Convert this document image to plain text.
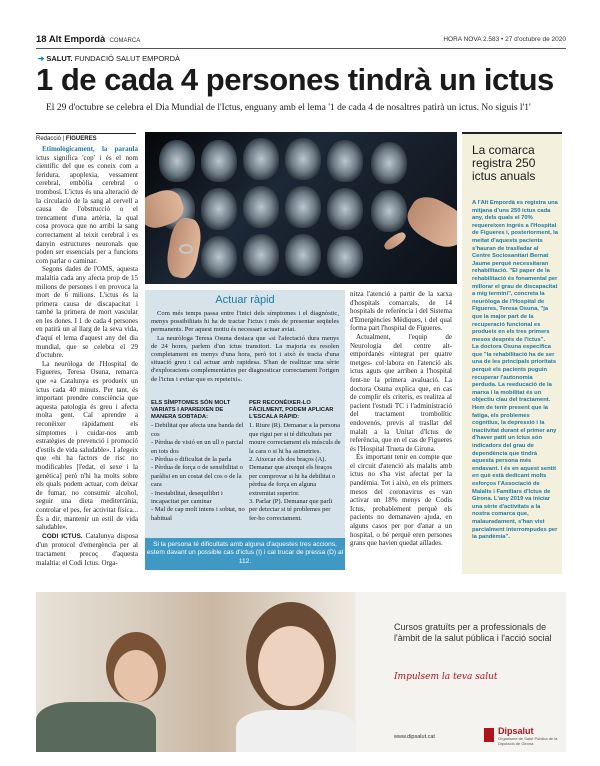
18 Alt Empordà COMARCA	HORA NOVA 2.583 • 27 d'octubre de 2020
➔ SALUT. FUNDACIÓ SALUT EMPORDÀ
1 de cada 4 persones tindrà un ictus
El 29 d'octubre se celebra el Dia Mundial de l'Ictus, enguany amb el lema '1 de cada 4 de nosaltres patirà un ictus. No siguis l'1'
Redacció | FIGUERES

Etimològicament, la paraula ictus significa 'cop' i és el nom científic del que es coneix com a feridura, apoplexia, vessament cerebral, embòlia cerebral o trombosi. L'ictus és una alteració de la circulació de la sang al cervell a causa de l'obstrucció o el trencament d'una artèria, la qual cosa provoca que no arribi la sang correctament al teixit cerebral i es danyin estructures neuronals que poden ser essencials per a funcions com parlar o caminar.

Segons dades de l'OMS, aquesta malaltia cada any afecta prop de 15 milions de persones i en provoca la mort de 6 milions. L'ictus és la primera causa de discapacitat i també la primera de mort vascular en les dones. I 1 de cada 4 persones en patirà un al llarg de la seva vida, d'aquí el lema d'aquest any del dia mundial, que se celebra el 29 d'octubre.

La neuròloga de l'Hospital de Figueres, Teresa Osuna, remarca que «a Catalunya es produeix un ictus cada 40 minuts. Per tant, és important prendre consciència que aquesta patologia és greu i afecta molta gent. Cal aprendre a reconèixer ràpidament els símptomes i cuidar-nos amb estratègies de prevenció i promoció d'estils de vida saludable». I afegeix que «hi ha factors de risc no modificables [l'edat, el sexe i la genètica] però n'hi ha molts sobre els quals podem actuar, com deixar de fumar, no consumir alcohol, seguir una dieta mediterrània, controlar el pes, fer activitat física... És a dir, mantenir un estil de vida saludable».

CODI ICTUS. Catalunya disposa d'un protocol d'emergència per al tractament precoç d'aquesta malaltia: el Codi Ictus. Orga-

Actuar ràpid

Com més temps passa entre l'inici dels símptomes i el diagnòstic, menys possibilitats hi ha de tractar l'ictus i més de presentar seqüeles permanents. Per aquest motiu és necessari actuar aviat.

La neuròloga Teresa Osuna destaca que «si l'afectació dura menys de 24 hores, parlem d'un ictus transitori. La majoria es resolen completament en menys d'una hora, però tot i això és tracta d'una situació greu i cal actuar amb rapidesa. S'han de realitzar una sèrie d'exploracions complementàries per diagnosticar correctament l'origen de l'ictus i evitar que es repeteixi».

ELS SÍMPTOMES SÓN MOLT VARIATS I APAREIXEN DE MANERA SOBTADA:
- Debilitat que afecta una banda del cos
- Pèrdua de visió en un ull o parcial en tots dos
- Pèrdua o dificultat de la parla
- Pèrdua de força o de sensibilitat o paràlisi en un costat del cos o de la cara
- Inestabilitat, desequilibri i incapacitat per caminar
- Mal de cap molt intens i sobtat, no habitual
PER RECONÈIXER-LO FÀCILMENT, PODEM APLICAR L'ESCALA RÀPID:
1. Riure (R). Demanar a la persona que rigui per si té dificultats per moure correctament els músculs de la cara o si hi ha asimetries.
2. Aixecar els dos braços (A). Demanar que aixequi els braços per comprovar si hi ha debilitat o pèrdua de força en alguna extremitat superior.
3. Parlar (P). Demanar que parli per detectar si té problemes per fer-ho correctament.
Si la persona té dificultats amb alguna d'aquestes tres accions, estem davant un possible cas d'ictus (I) i cal trucar de pressa (D) al 112.

nitza l'atenció a partir de la xarxa d'hospitals comarcals, de 14 hospitals de referència i del Sistema d'Emergències Mèdiques, i del qual forma part l'hospital de Figueres.

Actualment, l'equip de Neurologia del centre alt-empordanès «integrat per quatre metges- col·labora en l'atenció als ictus aguts que arriben a l'hospital fent-ne la primera avaluació. La doctora Osuna explica que, en cas de complir els criteris, es realitza al pacient l'estudi TC i l'administració del tractament trombolític endovenós, previs al trasllat del malalt a la Unitat d'Ictus de referència, que en el cas de Figueres és l'Hospital Trueta de Girona.

És important tenir en compte que el circuit d'atenció als malalts amb ictus no s'ha vist afectat per la pandèmia. Tot i això, en els primers mesos del coronavirus es van activar un 18% menys de Codis Ictus, probablement perquè els pacients no demanaven ajuda, en alguns casos per por d'anar a un hospital, o bé perquè eren persones grans que havien quedat aïllades.

La comarca registra 250 ictus anuals

A l'Alt Empordà es registra una mitjana d'uns 250 ictus cada any, dels quals el 70% requereixen ingrés a l'Hospital de Figueres i, posteriorment, la meitat d'aquests pacients s'hauran de traslladar al Centre Sociosanitari Bernat Jaume perquè necessitaran rehabilitació. "El paper de la rehabilitació és fonamental per millorar el grau de discapacitat a mig termini", concreta la neuròloga de l'Hospital de Figueres, Teresa Osuna, "ja que la major part de la recuperació funcional es produeix en els tres primers mesos després de l'ictus".

La doctora Osuna especifica que "la rehabilitació ha de ser una de les principals prioritats perquè els pacients puguin recuperar l'autonomia perduda. La reeducació de la marxa i la mobilitat és un objectiu clau del tractament. Hem de tenir present que la fatiga, els problemes cognitius, la depressió i la inactivitat durant el primer any d'haver patit un ictus són indicadors del grau de dependència que tindrà aquesta persona més endavant. I és en aquest sentit en què està dedicant molts esforços l'Associació de Malalts i Familiars d'Ictus de Girona. L'any 2019 va iniciar una sèrie d'activitats a la nostra comarca que, malauradament, s'han vist parcialment interrompudes per la pandèmia".

Cursos gratuïts per a professionals de l'àmbit de la salut pública i l'acció social
Impulsem la teva salut
www.dipsalut.cat
Dipsalut
Organisme de Salut Pública de la Diputació de Girona
